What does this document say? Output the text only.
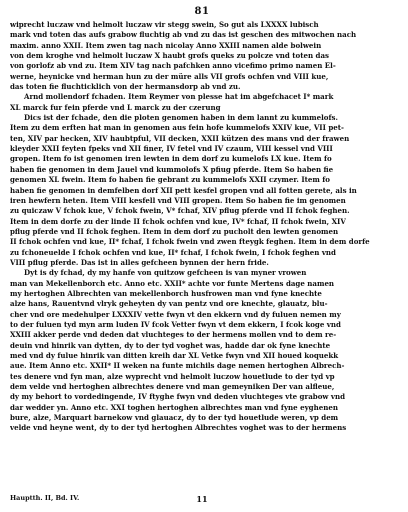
81
wiprecht luczaw vnd helmolt luczaw vir stegg swein, So gut als LXXXX lubisch
mark vnd toten das aufs grabow fluchtig ab vnd zu das ist geschen des mitwochen nach
maxim. anno XXII. Item zwen tag nach nicolay Anno XXIII namen alde bolwein
von dem kroghe vnd helmolt luczaw X haubt grofs queks zu polcze vnd toten das
von gorlofz ab vnd zu. Item XIV tag nach pafchken anno vicefimo primo namen El-
werne, heynicke vnd herman hun zu der müre alls VII grofs ochfen vnd VIII kue,
das toten fie fluchticklich von der hermansdorp ab vnd zu.
Arnd mollendorf fchaden. Item Reymer von plesse hat im abgefchacet I* mark
XL marck fur fein pferde vnd L marck zu der czerung
Dics ist der fchade, den die ploten genomen haben in dem lannt zu kummelofs.
Item zu dem erften hat man in genomen aus fein hofe kummelofs XXIV kue, VII pet-
ten, XIV par hecken, XIV haubtpful, VII decken, XXII kützen des mans vnd der frawen
kleyder XXII feyten fpeks vnd XII finer, IV fetel vnd IV czaum, VIII kessel vnd VIII
gropen. Item fo ist genomen iren lewten in dem dorf zu kumelofs LX kue. Item fo
haben fie genomen in dem Jauel vnd kummolofs X pfiug pferde. Item So haben fie
genomen XL fwein. Item fo haben fie gebrant zu kummelofs XXII czymer. Item fo
haben fie genomen in demfelben dorf XII pett kesfel gropen vnd all fotten gerete, als in
iren hewfern heten. Item VIII kesfell vnd VIII gropen. Item So haben fie im genomen
zu quiczaw V fchok kue, V fchok fwein, V* fchaf, XIV pflug pferde vnd II fchok feghen.
Item in dem dorfe zu der linde II fchok ochfen vnd kue, IV* fchaf, II fchok fwein, XIV
pflug pferde vnd II fchok feghen. Item in dem dorf zu pucholt den lewten genomen
II fchok ochfen vnd kue, II* fchaf, I fchok fwein vnd zwen fteygk feghen. Item in dem dorfe
zu fchoneuelde I fchok ochfen vnd kue, II* fchaf, I fchok fwein, I fchok feghen vnd
VIII pflug pferde. Das ist in alles gefcheen bynnen der hern fride.
Dyt is dy fchad, dy my hanfe von quitzow gefcheen is van myner vrowen
man van Mekellenborch etc. Anno etc. XXII* achte vor funte Mertens dage namen
my hertoghen Albrechten van mekellenborch husfrowen man vnd fyne knechte
alze hans, Rauentvnd vlryk geheyten dy van pentz vnd ore knechte, glauatz, blu-
cher vnd ore medehulper LXXXIV vette fwyn vt den ekkern vnd dy fuluen nemen my
to der fuluen tyd myn arm luden IV fcok Vetter fwyn vt dem ekkern, I fcok koge vnd
XXIII akker perde vnd deden dat vluchteges to der hermens mollen vnd to dem re-
deuin vnd hinrik van dytten, dy to der tyd voghet was, hadde dar ok fyne knechte
med vnd dy fulue hinrik van ditten kreih dar XL Vetke fwyn vnd XII houed koquekk
aue. Item Anno etc. XXII* II weken na funte michils dage nemen hertoghen Albrech-
tes denere vnd fyn man, alze wyprecht vnd helmolt luczow houetlude to der tyd vp
dem velde vnd hertoghen albrechtes denere vnd man gemeyniken Der van alfleue,
dy my behort to vordedingende, IV ftyghe fwyn vnd deden vluchteges vte grabow vnd
dar wedder yn. Anno etc. XXI toghen hertoghen albrechtes man vnd fyne eyghenen
bure, alze, Marquart barnekow vnd glauacz, dy to der tyd houetlude weren, vp dem
velde vnd heyne went, dy to der tyd hertoghen Albrechtes voghet was to der hermens
Hauptth. II, Bd. IV.	11
